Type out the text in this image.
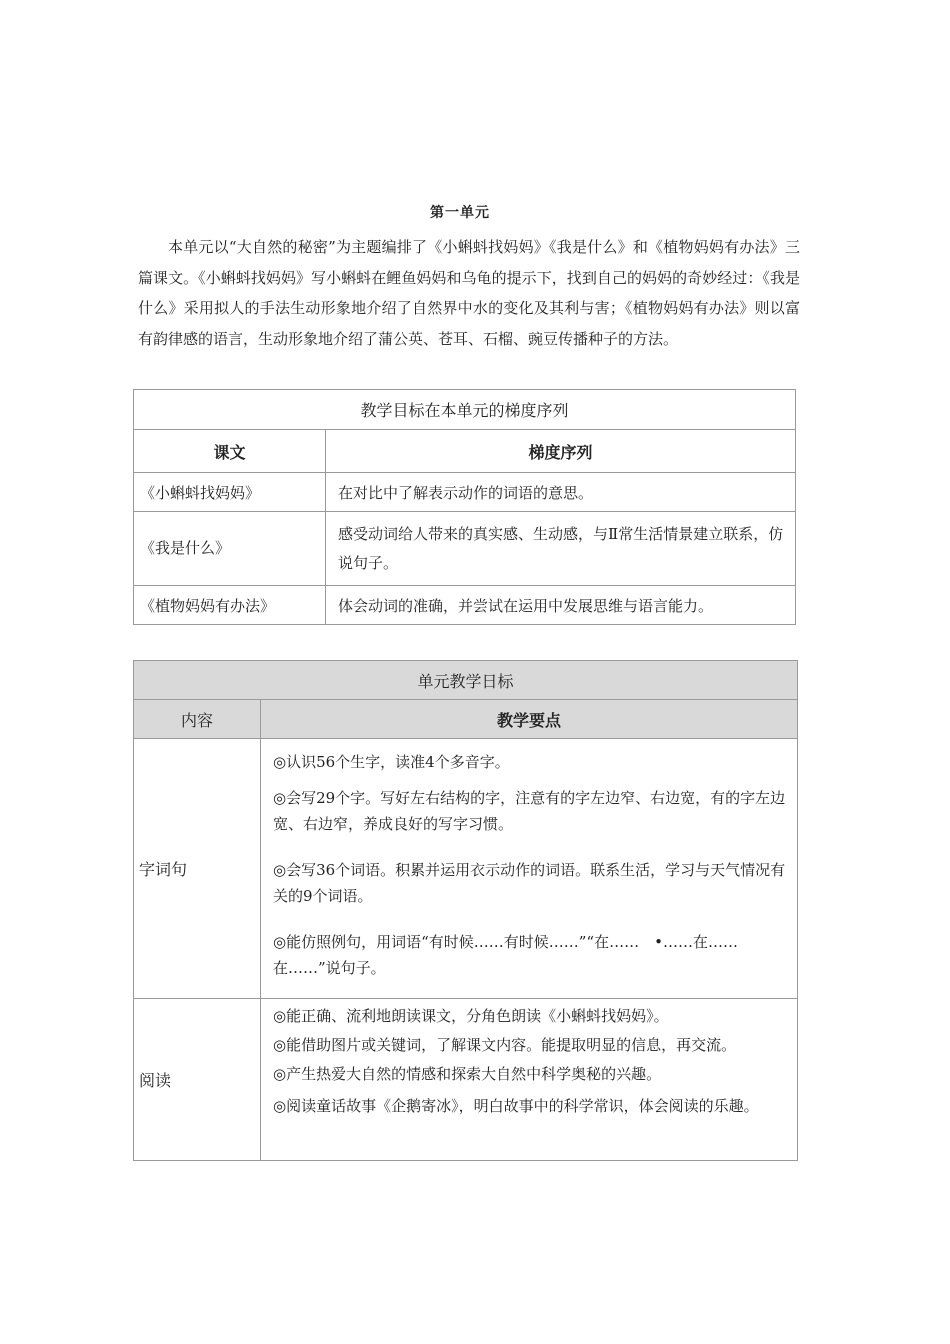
第一单元

本单元以“大自然的秘密”为主题编排了《小蝌蚪找妈妈》《我是什么》和《植物妈妈有办法》三篇课文。《小蝌蚪找妈妈》写小蝌蚪在鲤鱼妈妈和乌龟的提示下，找到自己的妈妈的奇妙经过：《我是什么》采用拟人的手法生动形象地介绍了自然界中水的变化及其利与害；《植物妈妈有办法》则以富有韵律感的语言，生动形象地介绍了蒲公英、苍耳、石榴、豌豆传播种子的方法。

教学目标在本单元的梯度序列	
课文	梯度序列
《小蝌蚪找妈妈》	在对比中了解表示动作的词语的意思。
《我是什么》	感受动词给人带来的真实感、生动感，与Ⅱ常生活情景建立联系，仿说句子。
《植物妈妈有办法》	体会动词的准确，并尝试在运用中发展思维与语言能力。
单元教学日标	
内容	教学要点
字词句	◎认识56个生字，读准4个多音字。

◎会写29个字。写好左右结构的字，注意有的字左边窄、右边宽，有的字左边宽、右边窄，养成良好的写字习惯。

◎会写36个词语。积累并运用衣示动作的词语。联系生活，学习与天气情况有关的9个词语。

◎能仿照例句，用词语“有时候……有时候……”“在……　•……在……在……”说句子。

阅读	◎能正确、流利地朗读课文，分角色朗读《小蝌蚪找妈妈》。

◎能借助图片或关键词，了解课文内容。能提取明显的信息，再交流。

◎产生热爱大自然的情感和探索大自然中科学奥秘的兴趣。

◎阅读童话故事《企鹅寄冰》，明白故事中的科学常识，体会阅读的乐趣。
